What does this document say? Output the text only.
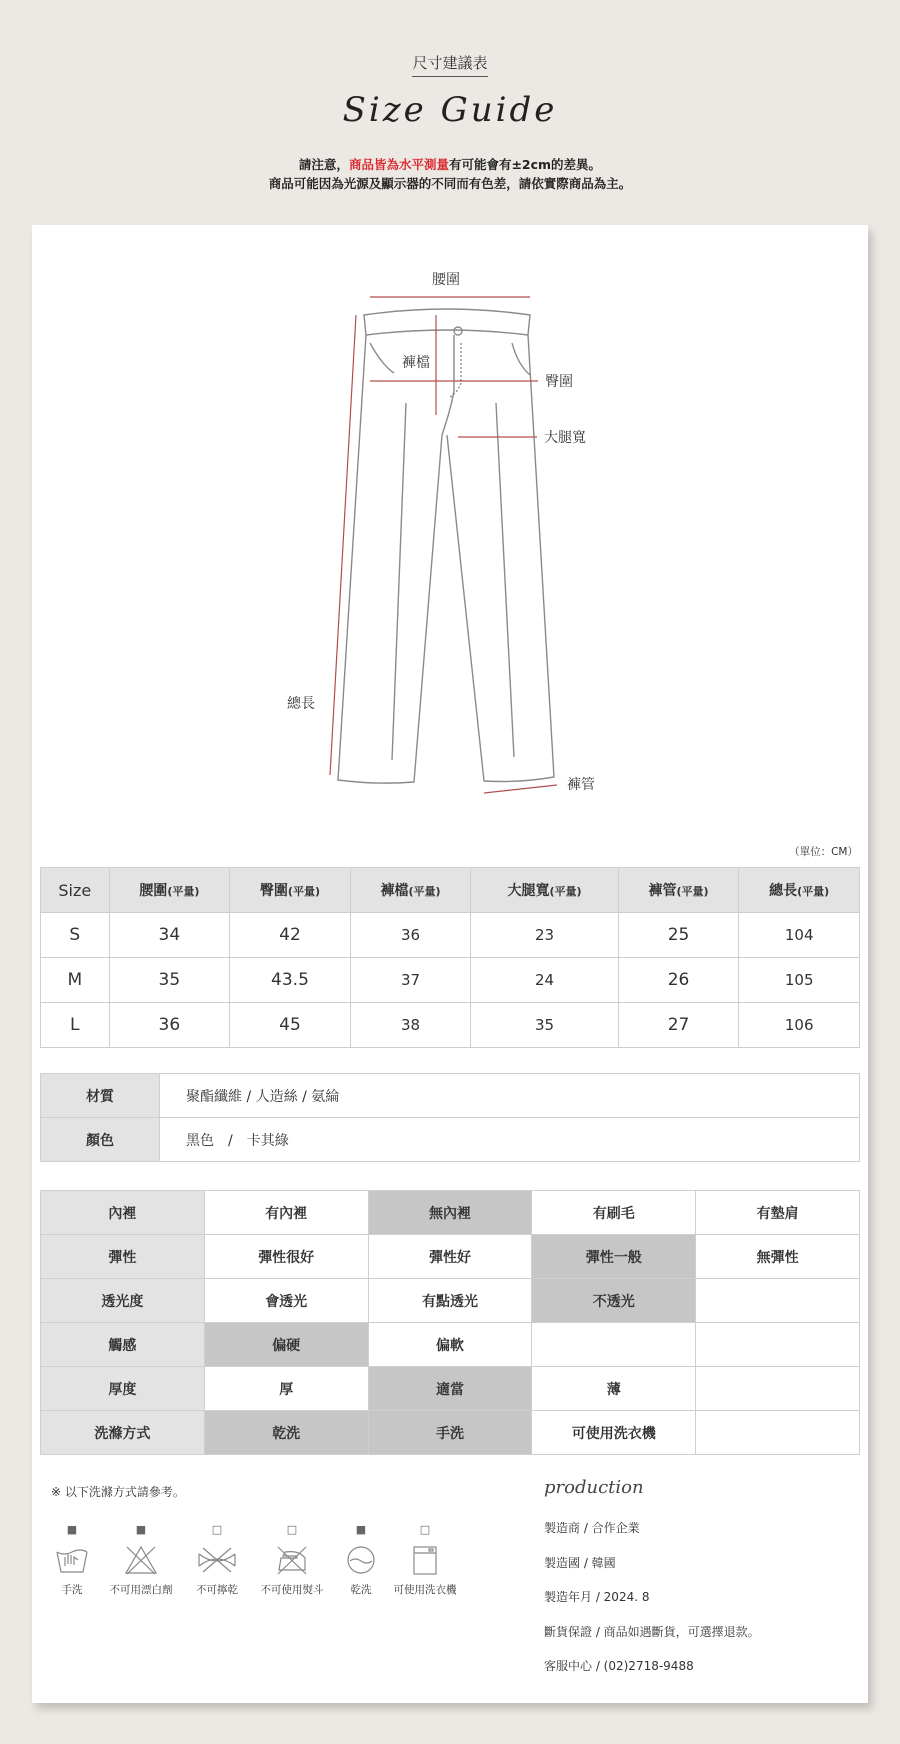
尺寸建議表
Size Guide
請注意，商品皆為水平測量有可能會有±2cm的差異。
商品可能因為光源及顯示器的不同而有色差，請依實際商品為主。
腰圍
褲檔
臀圍
大腿寬
總長
褲管
（單位：CM）
Size	腰圍(平量)	臀圍(平量)	褲檔(平量)	大腿寬(平量)	褲管(平量)	總長(平量)
S	34	42	36	23	25	104
M	35	43.5	37	24	26	105
L	36	45	38	35	27	106
材質	聚酯纖維 / 人造絲 / 氨綸
顏色	黑色　/　卡其綠
內裡	有內裡	無內裡	有刷毛	有墊肩
彈性	彈性很好	彈性好	彈性一般	無彈性
透光度	會透光	有點透光	不透光	
觸感	偏硬	偏軟		
厚度	厚	適當	薄	
洗滌方式	乾洗	手洗	可使用洗衣機	
※ 以下洗滌方式請參考。
■
手洗
■
不可用漂白劑
□
不可擰乾
□
不可使用熨斗
■
乾洗
□
可使用洗衣機
production
製造商 / 合作企業
製造國 / 韓國
製造年月 / 2024. 8
斷貨保證 / 商品如遇斷貨，可選擇退款。
客服中心 / (02)2718-9488
